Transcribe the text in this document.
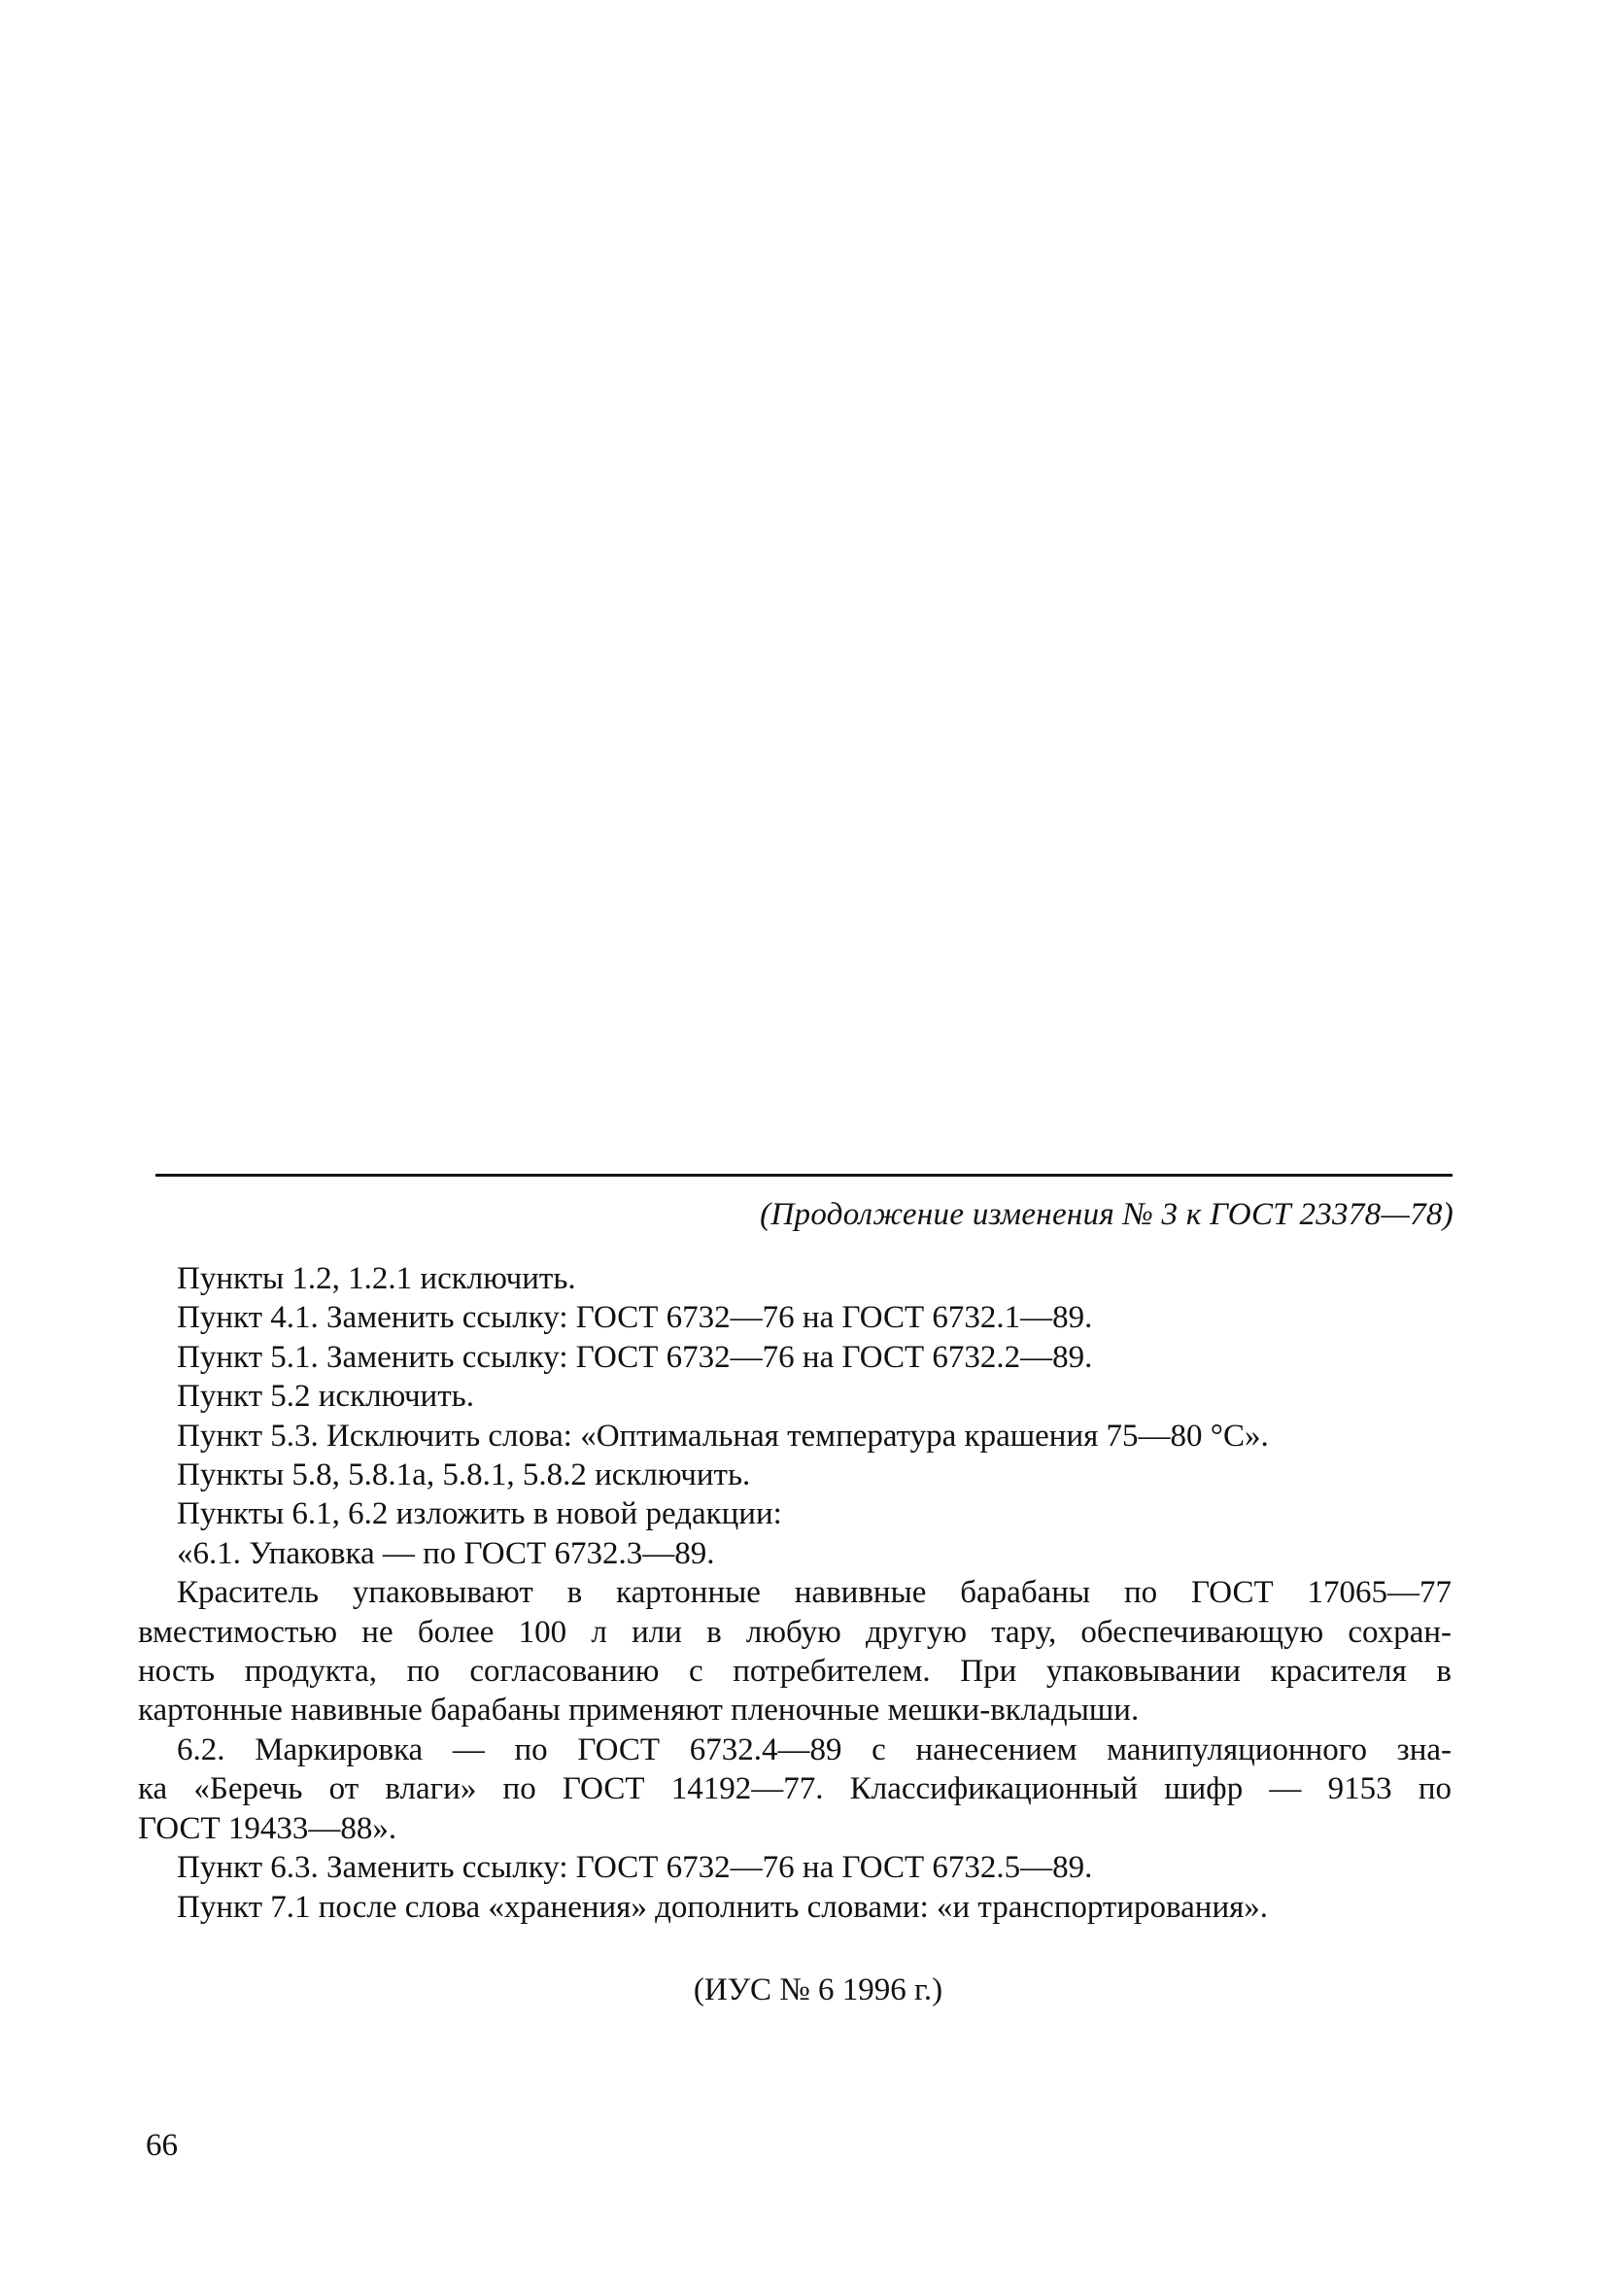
(Продолжение изменения № 3 к ГОСТ 23378—78)
Пункты 1.2, 1.2.1 исключить.
Пункт 4.1. Заменить ссылку: ГОСТ 6732—76 на ГОСТ 6732.1—89.
Пункт 5.1. Заменить ссылку: ГОСТ 6732—76 на ГОСТ 6732.2—89.
Пункт 5.2 исключить.
Пункт 5.3. Исключить слова: «Оптимальная температура крашения 75—80 °С».
Пункты 5.8, 5.8.1а, 5.8.1, 5.8.2 исключить.
Пункты 6.1, 6.2 изложить в новой редакции:
«6.1. Упаковка — по ГОСТ 6732.3—89.
Краситель упаковывают в картонные навивные барабаны по ГОСТ 17065—77
вместимостью не более 100 л или в любую другую тару, обеспечивающую сохран-
ность продукта, по согласованию с потребителем. При упаковывании красителя в
картонные навивные барабаны применяют пленочные мешки-вкладыши.
6.2. Маркировка — по ГОСТ 6732.4—89 с нанесением манипуляционного зна-
ка «Беречь от влаги» по ГОСТ 14192—77. Классификационный шифр — 9153 по
ГОСТ 19433—88».
Пункт 6.3. Заменить ссылку: ГОСТ 6732—76 на ГОСТ 6732.5—89.
Пункт 7.1 после слова «хранения» дополнить словами: «и транспортирования».
(ИУС № 6 1996 г.)
66
